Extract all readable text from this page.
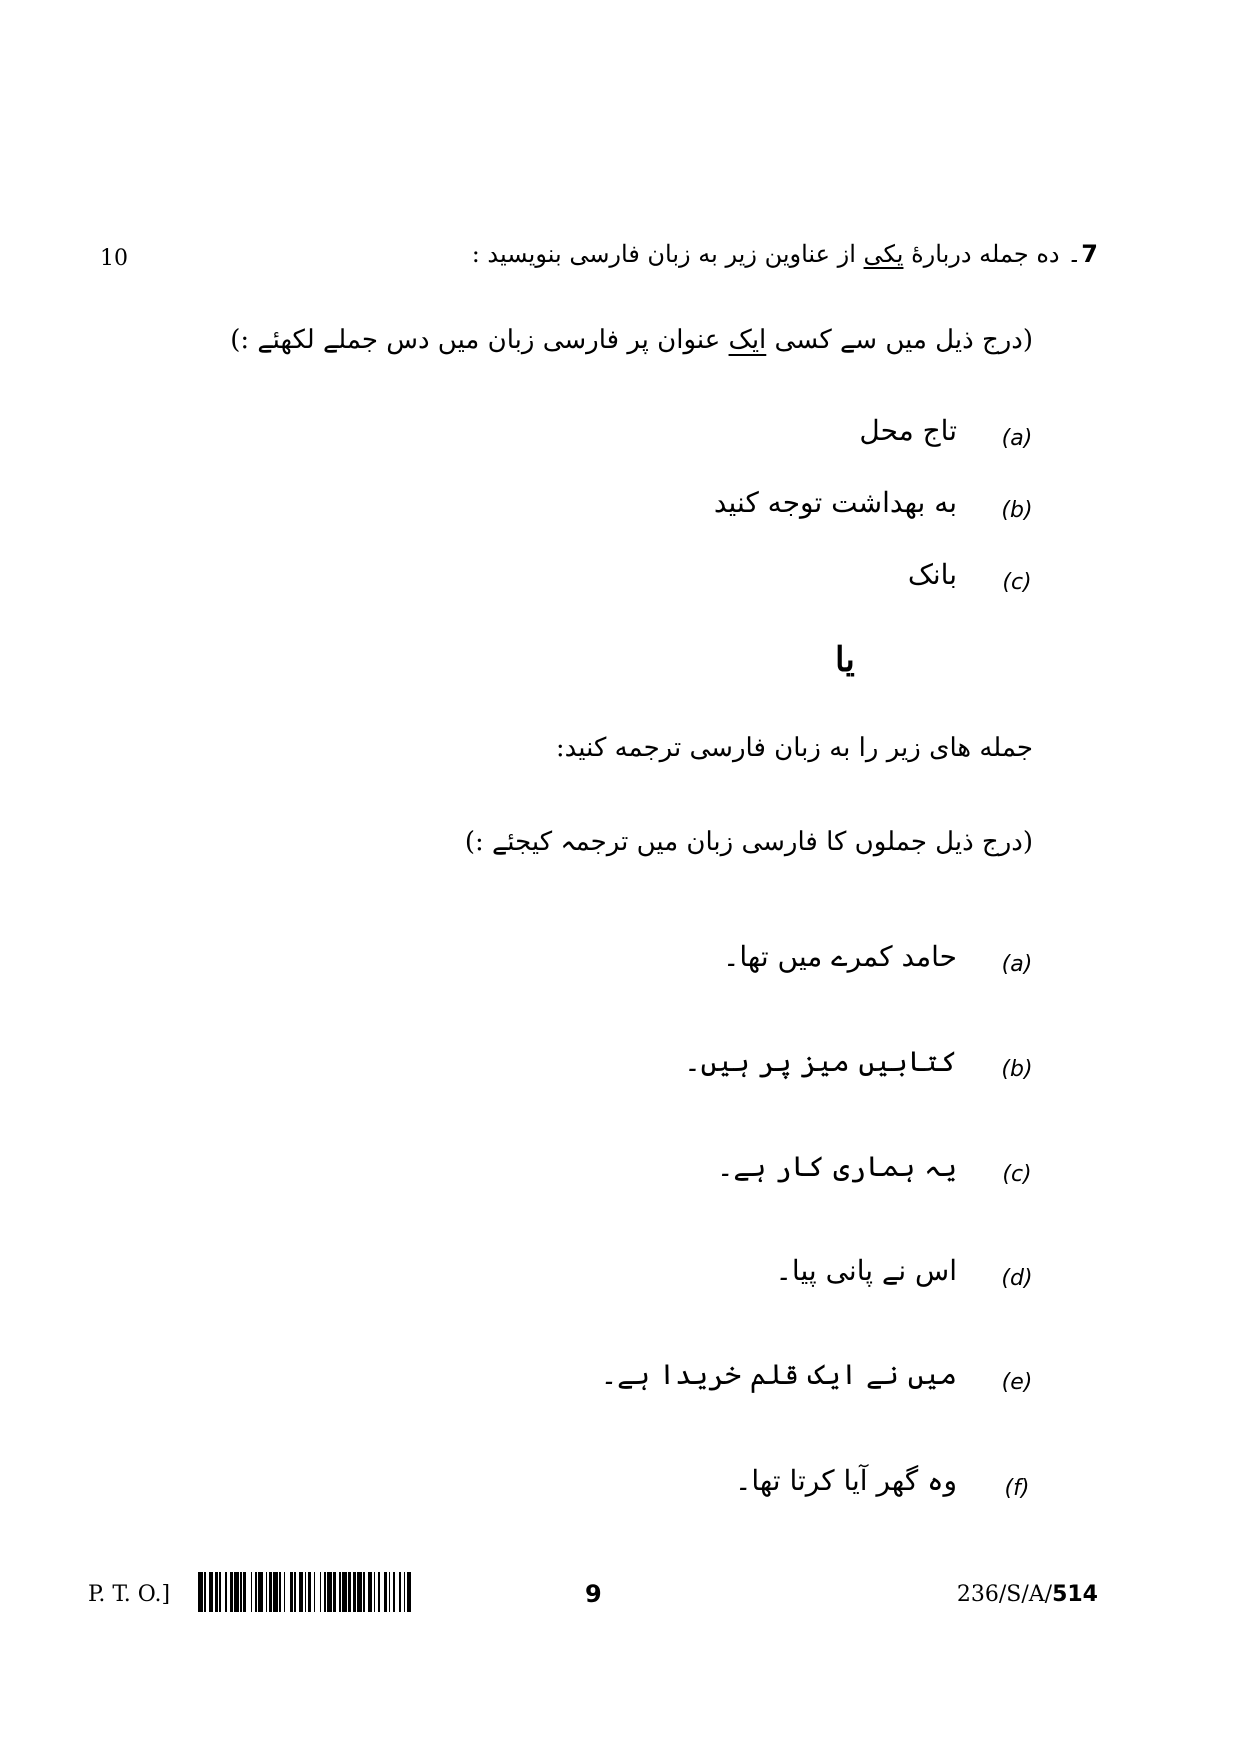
10	7۔ ده جمله دربارهٔ یکی از عناوین زیر به زبان فارسی بنویسید :
(درج ذیل میں سے کسی ایک عنوان پر فارسی زبان میں دس جملے لکھئے :)
(a)
تاج محل
(b)
به بهداشت توجه کنید
(c)
بانک
یا
جمله های زیر را به زبان فارسی ترجمه کنید:
(درج ذیل جملوں کا فارسی زبان میں ترجمہ کیجئے :)
(a)
حامد کمرے میں تھا۔
(b)
کتابیں میز پر ہیں۔
(c)
یہ ہماری کار ہے۔
(d)
اس نے پانی پیا۔
(e)
میں نے ایک قلم خریدا ہے۔
(f)
وہ گھر آیا کرتا تھا۔
P. T. O.]	9	236/S/A/514
